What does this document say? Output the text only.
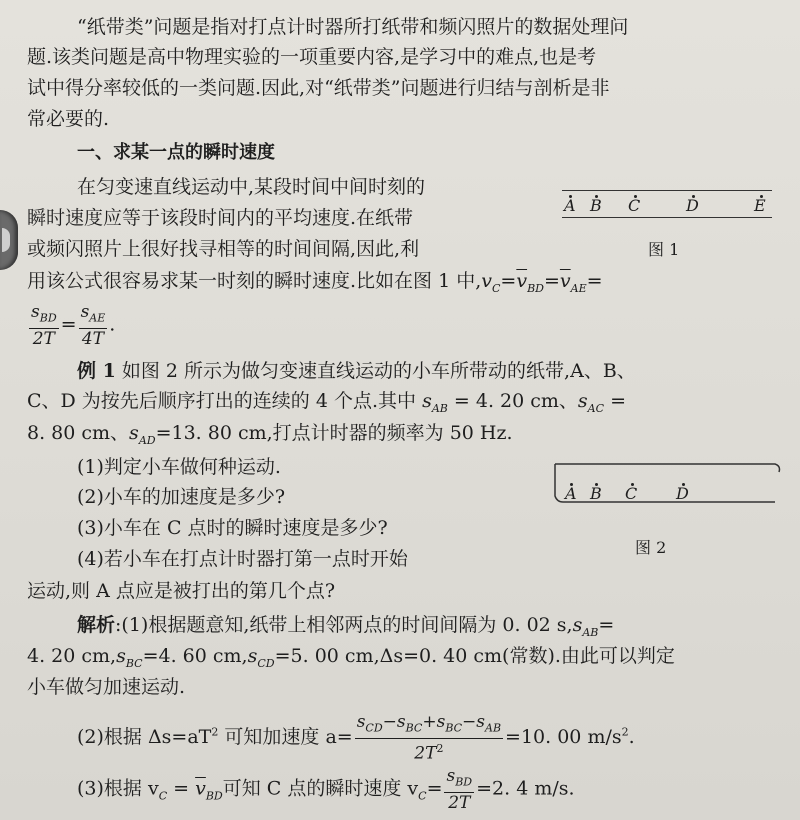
“纸带类”问题是指对打点计时器所打纸带和频闪照片的数据处理问
题.该类问题是高中物理实验的一项重要内容,是学习中的难点,也是考
试中得分率较低的一类问题.因此,对“纸带类”问题进行归结与剖析是非
常必要的.
一、求某一点的瞬时速度
在匀变速直线运动中,某段时间中间时刻的
瞬时速度应等于该段时间内的平均速度.在纸带
或频闪照片上很好找寻相等的时间间隔,因此,利
用该公式很容易求某一时刻的瞬时速度.比如在图 1 中$,v_C=\overline{v}_{BD}=\overline{v}_{AE}=$
$\frac{s_{BD}}{2T} = \frac{s_{AE}}{4T}$ .
A B C	D	E
图 1
例 1 如图 2 所示为做匀变速直线运动的小车所带动的纸带,A、B、
C、D 为按先后顺序打出的连续的 4 个点.其中 $s_{AB} = 4$. 20 cm、$s_{AC}$ =
8. 80 cm、$s_{AD}=13$. 80 cm,打点计时器的频率为 50 Hz.
(1)判定小车做何种运动.
(2)小车的加速度是多少?
(3)小车在 C 点时的瞬时速度是多少?
(4)若小车在打点计时器打第一点时开始
运动,则 A 点应是被打出的第几个点?
A B C D
图 2
解析:(1)根据题意知,纸带上相邻两点的时间间隔为 0. 02 $s,s_{AB}=$
4. 20 $cm,s_{BC}=4$. 60 $cm,s_{CD}=5$. 00 cm,Δs=0. 40 cm(常数).由此可以判定
小车做匀加速运动.
(2)根据 $\Delta s=aT^2$ 可知加速度 $a= \frac{s_{CD}-s_{BC}+s_{BC}-s_{AB}}{2T^2} =10$. 00 $m/s^2$.
(3)根据 $v_C = \overline{v}_{BD}$可知 C 点的瞬时速度 $v_C= \frac{s_{BD}}{2T} =2$. 4 m/s.
